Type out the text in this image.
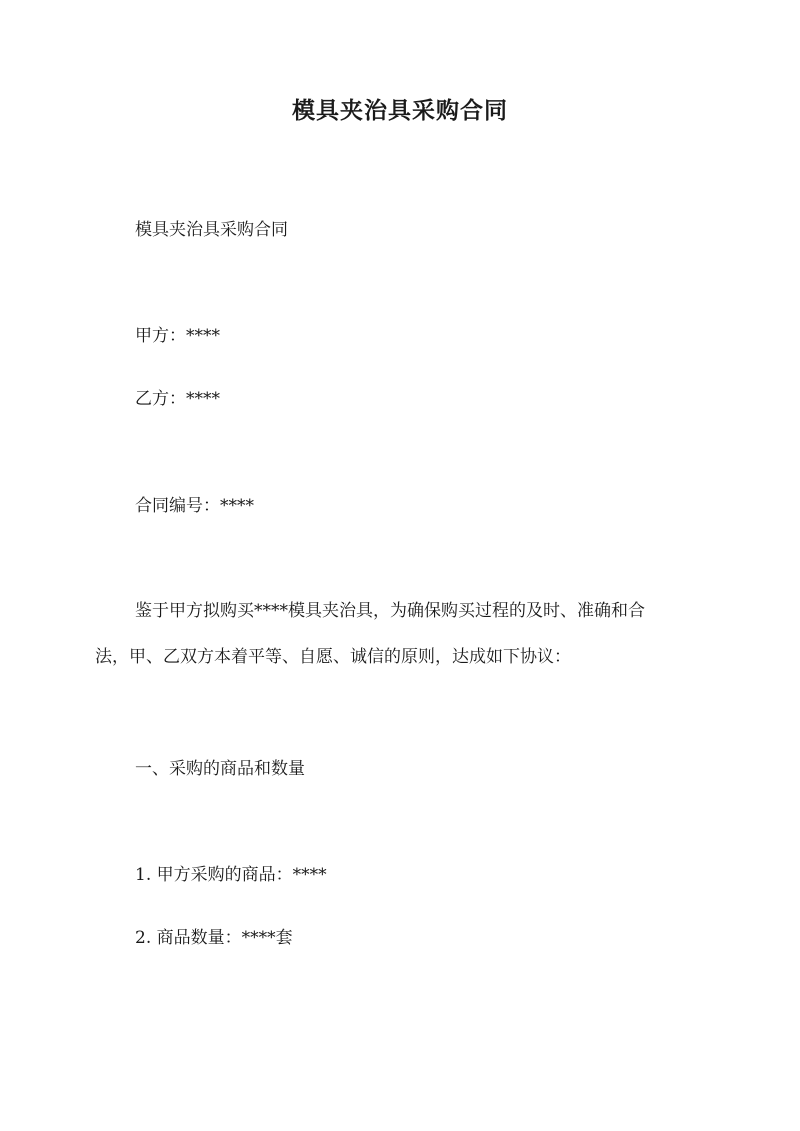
模具夹治具采购合同
模具夹治具采购合同
甲方：****
乙方：****
合同编号：****
鉴于甲方拟购买****模具夹治具，为确保购买过程的及时、准确和合
法，甲、乙双方本着平等、自愿、诚信的原则，达成如下协议：
一、采购的商品和数量
1. 甲方采购的商品：****
2. 商品数量：****套
